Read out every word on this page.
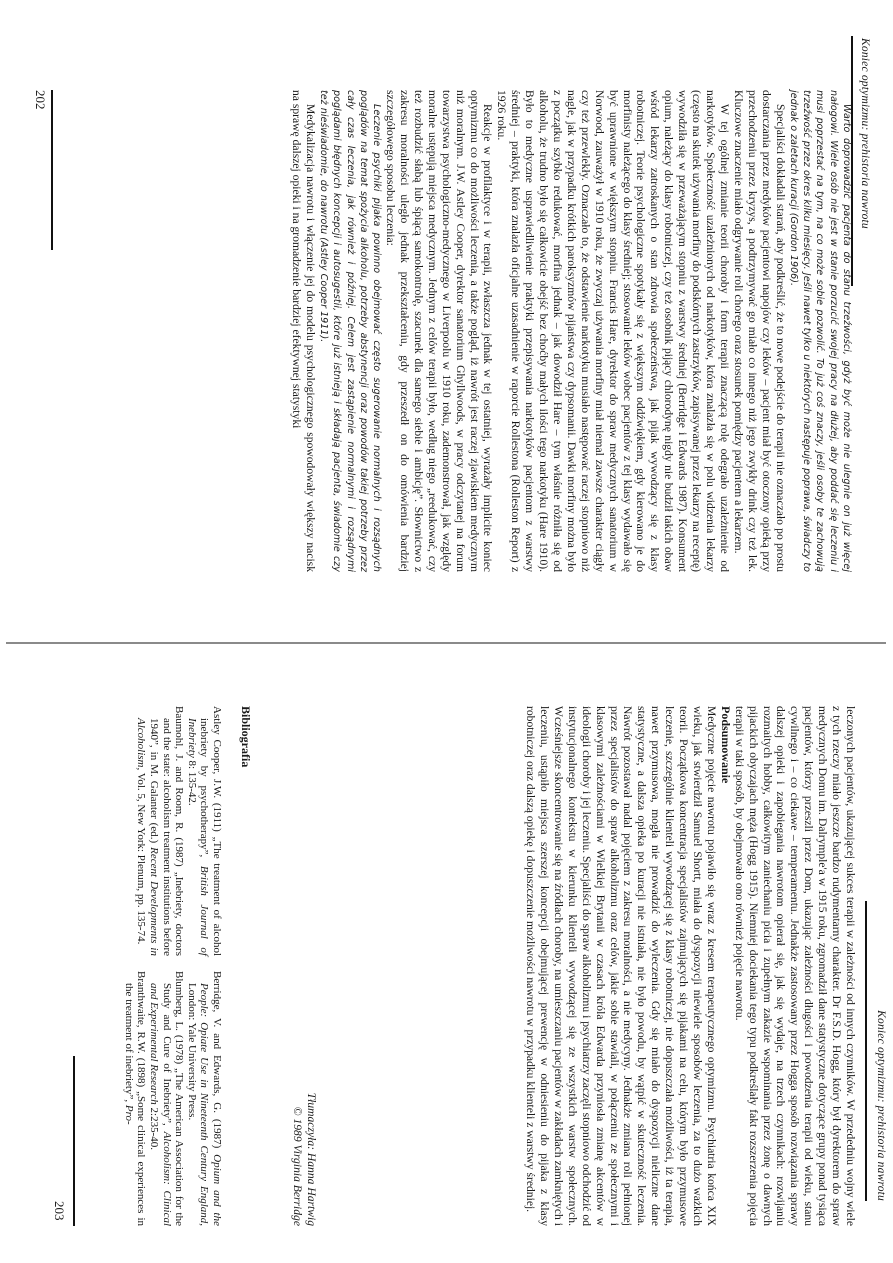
Koniec optymizmu: prehistoria nawrotu

Warto doprowadzić pacjenta do stanu trzeźwości, gdyż być może nie ulegnie on już więcej nałogowi. Wiele osób nie jest w stanie porzucić swojej pracy na dłużej, aby poddać się leczeniu i musi poprzestać na tym, na co może sobie pozwolić. To już coś znaczy, jeśli osoby te zachowują trzeźwość przez okres kilku miesięcy. Jeśli nawet tylko u niektórych następuje poprawa, świadczy to jednak o zaletach kuracji (Gordon 1906).

Specjaliści dokładali starań, aby podkreślić, że to nowe podejście do terapii nie oznaczało po prostu dostarczania przez medyków pacjentowi napojów czy leków – pacjent miał być otoczony opieką przy przechodzeniu przez kryzys, a podtrzymywać go miało co innego niż jego zwykły drink czy też lek. Kluczowe znaczenie miało odgrywanie roli chorego oraz stosunek pomiędzy pacjentem a lekarzem.

W tej ogólnej zmianie teorii choroby i form terapii znaczącą rolę odegrało uzależnienie od narkotyków. Społeczność uzależnionych od narkotyków, która znalazła się w polu widzenia lekarzy (często na skutek używania morfiny do podskórnych zastrzyków, zapisywanej przez lekarzy na receptę) wywodziła się w przeważającym stopniu z warstwy średniej (Berridge i Edwards 1987). Konsument opium, należący do klasy robotniczej, czy też osobnik pijący chlorodynę nigdy nie budził takich obaw wśród lekarzy zatroskanych o stan zdrowia społeczeństwa, jak pijak wywodzący się z klasy robotniczej. Teorie psychologiczne spotykały się z większym oddźwiękiem, gdy kierowano je do morfinisty należącego do klasy średniej; stosowanie leków wobec pacjentów z tej klasy wydawało się być uprawnione w większym stopniu. Francis Hare, dyrektor do spraw medycznych sanatorium w Norwood, zauważył w 1910 roku, że zwyczaj używania morfiny miał niemal zawsze charakter ciągły czy też przewlekły. Oznaczało to, że odstawienie narkotyku musiało następować raczej stopniowo niż nagle, jak w przypadku krótkich paroksyzmów pijaństwa czy dypsomanii. Dawki morfiny można było z początku szybko redukować, morfina jednak – jak dowodził Hare – tym właśnie różniła się od alkoholu, że trudno było się całkowicie obejść bez choćby małych ilości tego narkotyku (Hare 1910). Było to medyczne usprawiedliwienie praktyki przepisywania narkotyków pacjentom z warstwy średniej – praktyki, która znalazła oficjalne uzasadnienie w raporcie Rollestona (Rolleston Report) z 1926 roku.

Reakcje w profilaktyce i w terapii, zwłaszcza jednak w tej ostatniej, wyrażały implicite koniec optymizmu co do możliwości leczenia, a także pogląd, iż nawrót jest raczej zjawiskiem medycznym niż moralnym. J.W. Astley Cooper, dyrektor sanatorium Ghyllwoods, w pracy odczytanej na forum towarzystwa psychologiczno-medycznego w Liverpoolu w 1910 roku, zademonstrował, jak względy moralne ustępują miejsca medycznym. Jednym z celów terapii było, według niego „reedukować, czy też rozbudzić słabą lub śpiącą samokontrolę, szacunek dla samego siebie i ambicję”. Słownictwo z zakresu moralności uległo jednak przekształceniu, gdy przeszedł on do omówienia bardziej szczegółowego sposobu leczenia:

Leczenie psychiki pijaka powinno obejmować często sugerowanie normalnych i rozsądnych poglądów na temat spożycia alkoholu, potrzeby abstynencji oraz powodów takiej potrzeby przez cały czas leczenia, jak również i później. Celem jest zastąpienie normalnymi i rozsądnymi poglądami błędnych koncepcji i autosugestii, które już istnieją i składają pacjenta, świadomie czy też nieświadomie, do nawrotu (Astley Cooper 1911).

Medykalizacja nawrotu i włączenie jej do modelu psychologicznego spowodowały większy nacisk na sprawę dalszej opieki i na gromadzenie bardziej efektywnej statystyki

202
Koniec optymizmu: prehistoria nawrotu

leczonych pacjentów, ukazującej sukces terapii w zależności od innych czynników. W przededniu wojny wiele z tych rzeczy miało jeszcze bardzo rudymentarny charakter. Dr F.S.D. Hogg, który był dyrektorem do spraw medycznych Domu im. Dalrymple'a w 1915 roku, zgromadził dane statystyczne dotyczące grupy ponad tysiąca pacjentów, którzy przeszli przez Dom, ukazując zależności długości i powodzenia terapii od wieku, stanu cywilnego i – co ciekawe – temperamentu. Jednakże zastosowany przez Hogga sposób rozwiązania sprawy dalszej opieki i zapobiegania nawrotom opierał się, jak się wydaje, na trzech czynnikach: rozwijaniu rozmaitych hobby, całkowitym zaniechaniu picia i zupełnym zakazie wspominania przez żonę o dawnych pijackich obyczajach męża (Hogg 1915). Niemniej dociekania tego typu podkreślały fakt rozszerzenia pojęcia terapii w taki sposób, by obejmowało ono również pojęcie nawrotu.

Podsumowanie

Medyczne pojęcie nawrotu pojawiło się wraz z kresem terapeutycznego optymizmu. Psychiatria końca XIX wieku, jak stwierdził Samuel Shortt, miała do dyspozycji niewiele sposobów leczenia, za to dużo ważkich teorii. Początkowa koncentracja specjalistów zajmujących się pijakami na celu, którym było przymusowe leczenie, szczególnie klienteli wywodzącej się z klasy robotniczej, nie dopuszczała możliwości, iż ta terapia, nawet przymusowa, mogła nie prowadzić do wyleczenia. Gdy się miało do dyspozycji nieliczne dane statystyczne, a dalsza opieka po kuracji nie istniała, nie było powodu, by wątpić w skuteczność leczenia. Nawrót pozostawał nadal pojęciem z zakresu moralności, a nie medycyny. Jednakże zmiana roli pełnionej przez specjalistów do spraw alkoholizmu oraz celów, jakie sobie stawiali, w połączeniu ze społecznymi i klasowymi zależnościami w Wielkiej Brytanii w czasach króla Edwarda przyniosła zmianę akcentów w ideologii choroby i jej leczeniu. Specjaliści do spraw alkoholizmu i psychiatrzy zaczęli stopniowo odchodzić od instytucjonalnego kontekstu w kierunku klienteli wywodzącej się ze wszystkich warstw społecznych. Wcześniejsze skoncentrowanie się na źródłach choroby, na umieszczaniu pacjentów w zakładach zamkniętych i leczeniu, ustąpiło miejsca szerszej koncepcji obejmującej prewencję w odniesieniu do pijaka z klasy robotniczej oraz dalszą opiekę i dopuszczenie możliwości nawrotu w przypadku klienteli z warstwy średniej.

Tłumaczyła: Hanna Hartwig
© 1989 Virginia Berridge
Bibliografia

Astley Cooper, J.W. (1911) „The treatment of alcohol inebriety by psychotherapy”, British Journal of Inebriety 8: 135-42.

Baumohl, J. and Room, R. (1987) „Inebriety, doctors and the state: alcoholism treatment institutions before 1940”, in M. Galanter (ed.) Recent Developments in Alcoholism, Vol. 5, New York: Plenum, pp. 135-74.

Berridge, V. and Edwards, G. (1987) Opium and the People: Opiate Use in Nineteenth Century England, London: Yale University Press.

Blumberg, L. (1978) „The American Association for the Study and Cure of Inebriety”, Alcoholism: Clinical and Experimental Research 2:235-40.

Branthwaite, R.W. (1898) „Some clinical experiences in the treatment of inebriety”, Pro-

203
